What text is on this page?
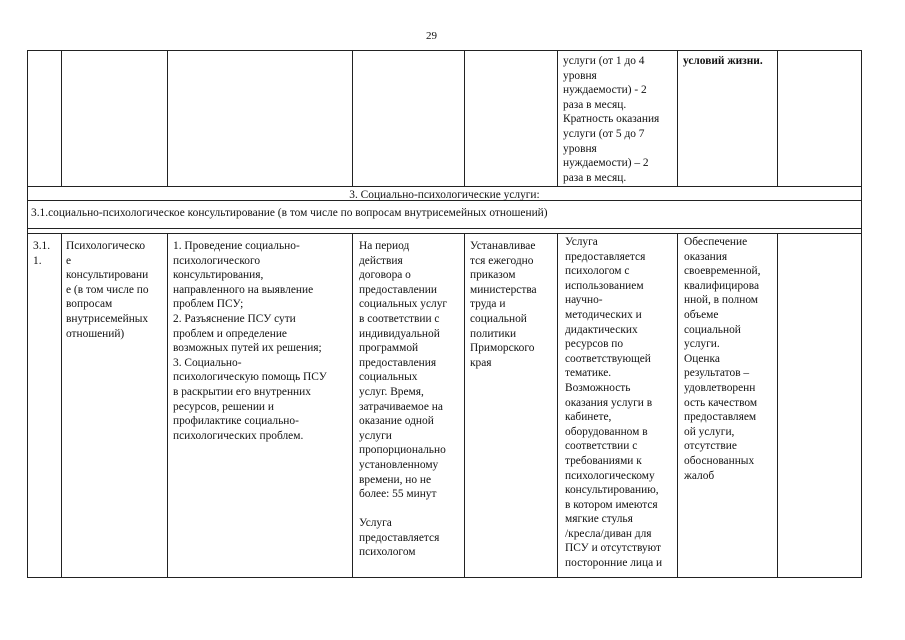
29
услуги (от 1 до 4
уровня
нуждаемости) - 2
раза в месяц.
Кратность оказания
услуги (от 5 до 7
уровня
нуждаемости) – 2
раза в месяц.
условий жизни.
3. Социально-психологические услуги:
3.1.социально-психологическое консультирование (в том числе по вопросам внутрисемейных отношений)
3.1.
1.
Психологическо
е
консультировани
е (в том числе по
вопросам
внутрисемейных
отношений)
1. Проведение социально-
психологического
консультирования,
направленного на выявление
проблем ПСУ;
2. Разъяснение ПСУ сути
проблем и определение
возможных путей их решения;
3. Социально-
психологическую помощь ПСУ
в раскрытии его внутренних
ресурсов, решении и
профилактике социально-
психологических проблем.
На период
действия
договора о
предоставлении
социальных услуг
в соответствии с
индивидуальной
программой
предоставления
социальных
услуг. Время,
затрачиваемое на
оказание одной
услуги
пропорционально
установленному
времени, но не
более: 55 минут

Услуга
предоставляется
психологом
Устанавливае
тся ежегодно
приказом
министерства
труда и
социальной
политики
Приморского
края
Услуга
предоставляется
психологом с
использованием
научно-
методических и
дидактических
ресурсов по
соответствующей
тематике.
Возможность
оказания услуги в
кабинете,
оборудованном в
соответствии с
требованиями к
психологическому
консультированию,
в котором имеются
мягкие стулья
/кресла/диван для
ПСУ и отсутствуют
посторонние лица и
Обеспечение
оказания
своевременной,
квалифицирова
нной, в полном
объеме
социальной
услуги.
Оценка
результатов –
удовлетворенн
ость качеством
предоставляем
ой услуги,
отсутствие
обоснованных
жалоб
